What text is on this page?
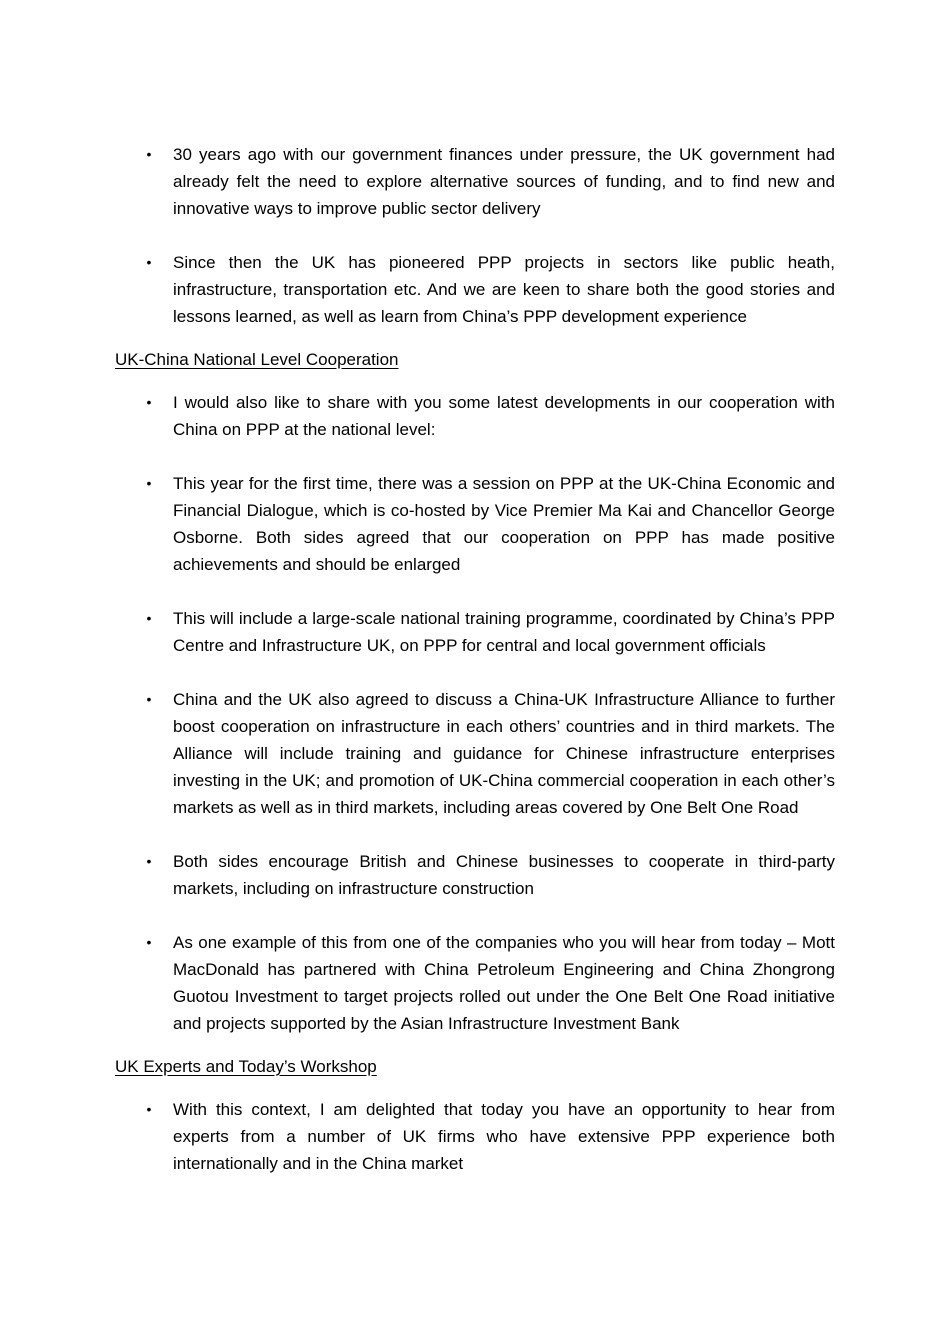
• 30 years ago with our government finances under pressure, the UK government had already felt the need to explore alternative sources of funding, and to find new and innovative ways to improve public sector delivery
• Since then the UK has pioneered PPP projects in sectors like public heath, infrastructure, transportation etc. And we are keen to share both the good stories and lessons learned, as well as learn from China’s PPP development experience

UK-China National Level Cooperation

• I would also like to share with you some latest developments in our cooperation with China on PPP at the national level:
• This year for the first time, there was a session on PPP at the UK-China Economic and Financial Dialogue, which is co-hosted by Vice Premier Ma Kai and Chancellor George Osborne. Both sides agreed that our cooperation on PPP has made positive achievements and should be enlarged
• This will include a large-scale national training programme, coordinated by China’s PPP Centre and Infrastructure UK, on PPP for central and local government officials
• China and the UK also agreed to discuss a China-UK Infrastructure Alliance to further boost cooperation on infrastructure in each others’ countries and in third markets. The Alliance will include training and guidance for Chinese infrastructure enterprises investing in the UK; and promotion of UK-China commercial cooperation in each other’s markets as well as in third markets, including areas covered by One Belt One Road
• Both sides encourage British and Chinese businesses to cooperate in third-party markets, including on infrastructure construction
• As one example of this from one of the companies who you will hear from today – Mott MacDonald has partnered with China Petroleum Engineering and China Zhongrong Guotou Investment to target projects rolled out under the One Belt One Road initiative and projects supported by the Asian Infrastructure Investment Bank

UK Experts and Today’s Workshop

• With this context, I am delighted that today you have an opportunity to hear from experts from a number of UK firms who have extensive PPP experience both internationally and in the China market
